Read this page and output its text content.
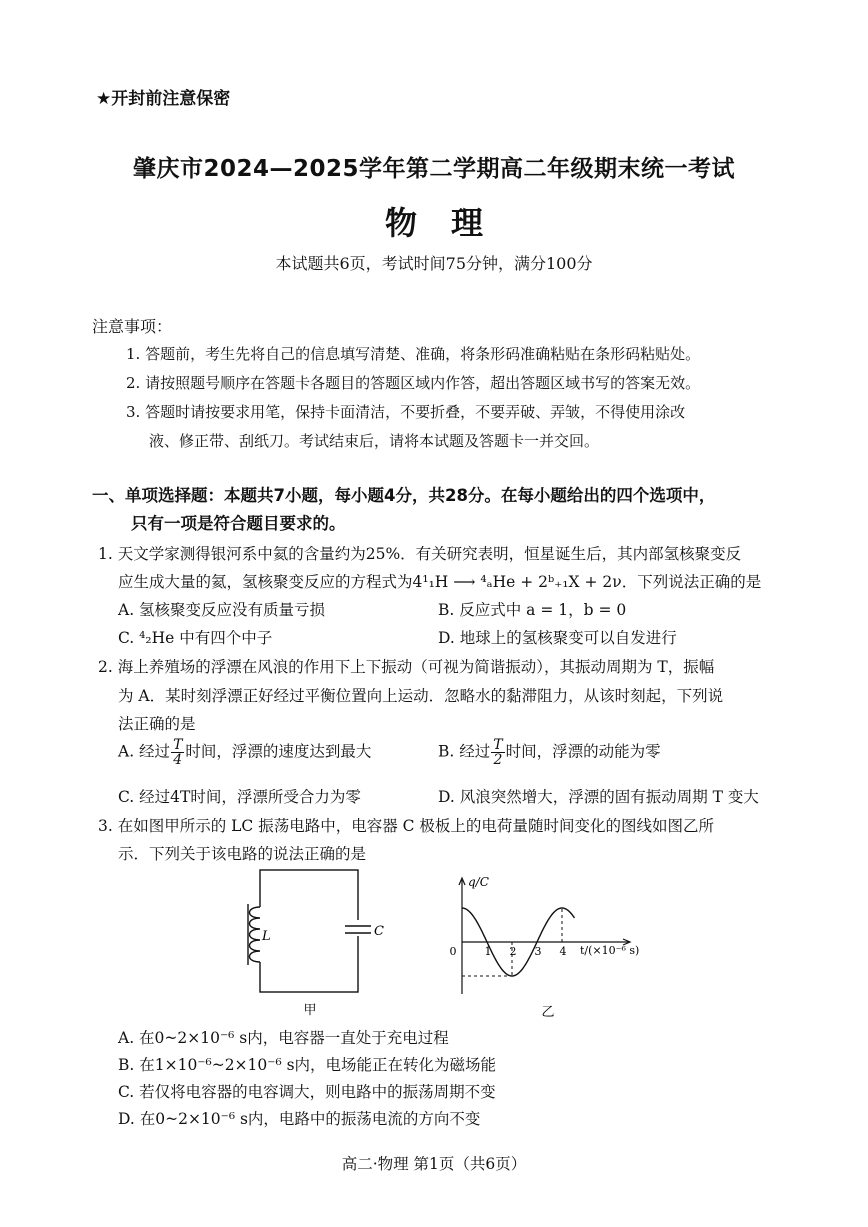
★开封前注意保密
肇庆市2024—2025学年第二学期高二年级期末统一考试
物理
本试题共6页，考试时间75分钟，满分100分
注意事项：
1. 答题前，考生先将自己的信息填写清楚、准确，将条形码准确粘贴在条形码粘贴处。
2. 请按照题号顺序在答题卡各题目的答题区域内作答，超出答题区域书写的答案无效。
3. 答题时请按要求用笔，保持卡面清洁，不要折叠，不要弄破、弄皱，不得使用涂改
液、修正带、刮纸刀。考试结束后，请将本试题及答题卡一并交回。
一、单项选择题：本题共7小题，每小题4分，共28分。在每小题给出的四个选项中，
只有一项是符合题目要求的。
1. 天文学家测得银河系中氦的含量约为25%．有关研究表明，恒星诞生后，其内部氢核聚变反
应生成大量的氦，氢核聚变反应的方程式为4¹₁H ⟶ ⁴ₐHe + 2ᵇ₊₁X + 2ν．下列说法正确的是
A. 氢核聚变反应没有质量亏损	B. 反应式中 a = 1，b = 0
C. ⁴₂He 中有四个中子	D. 地球上的氢核聚变可以自发进行
2. 海上养殖场的浮漂在风浪的作用下上下振动（可视为简谐振动），其振动周期为 T，振幅
为 A．某时刻浮漂正好经过平衡位置向上运动．忽略水的黏滞阻力，从该时刻起，下列说
法正确的是
A. 经过 $\frac{T}{4}$ 时间，浮漂的速度达到最大	B. 经过 $\frac{T}{2}$ 时间，浮漂的动能为零
C. 经过4T时间，浮漂所受合力为零	D. 风浪突然增大，浮漂的固有振动周期 T 变大
3. 在如图甲所示的 LC 振荡电路中，电容器 C 极板上的电荷量随时间变化的图线如图乙所
示．下列关于该电路的说法正确的是
L	C
甲
0	1 2 3 4
q/C
t/(×10⁻⁶ s)
乙
A. 在0~2×10⁻⁶ s内，电容器一直处于充电过程
B. 在1×10⁻⁶~2×10⁻⁶ s内，电场能正在转化为磁场能
C. 若仅将电容器的电容调大，则电路中的振荡周期不变
D. 在0~2×10⁻⁶ s内，电路中的振荡电流的方向不变
高二·物理 第1页（共6页）
